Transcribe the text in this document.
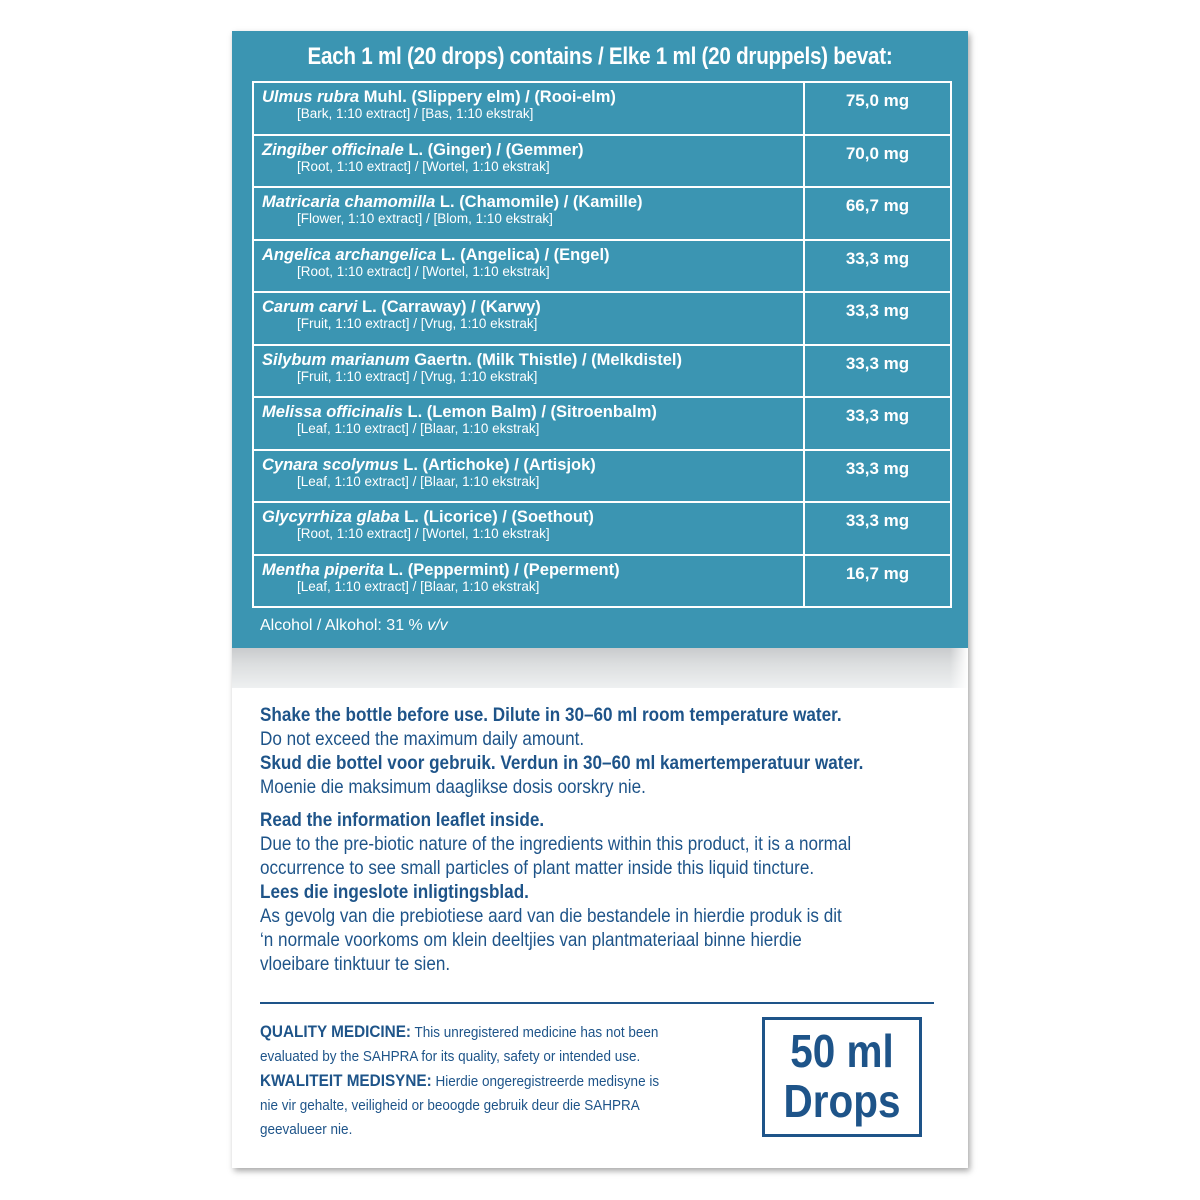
Each 1 ml (20 drops) contains / Elke 1 ml (20 druppels) bevat:
Ulmus rubra Muhl. (Slippery elm) / (Rooi-elm)
[Bark, 1:10 extract] / [Bas, 1:10 ekstrak]	75,0 mg

Zingiber officinale L. (Ginger) / (Gemmer)
[Root, 1:10 extract] / [Wortel, 1:10 ekstrak]	70,0 mg

Matricaria chamomilla L. (Chamomile) / (Kamille)
[Flower, 1:10 extract] / [Blom, 1:10 ekstrak]	66,7 mg

Angelica archangelica L. (Angelica) / (Engel)
[Root, 1:10 extract] / [Wortel, 1:10 ekstrak]	33,3 mg

Carum carvi L. (Carraway) / (Karwy)
[Fruit, 1:10 extract] / [Vrug, 1:10 ekstrak]	33,3 mg

Silybum marianum Gaertn. (Milk Thistle) / (Melkdistel)
[Fruit, 1:10 extract] / [Vrug, 1:10 ekstrak]	33,3 mg

Melissa officinalis L. (Lemon Balm) / (Sitroenbalm)
[Leaf, 1:10 extract] / [Blaar, 1:10 ekstrak]	33,3 mg

Cynara scolymus L. (Artichoke) / (Artisjok)
[Leaf, 1:10 extract] / [Blaar, 1:10 ekstrak]	33,3 mg

Glycyrrhiza glaba L. (Licorice) / (Soethout)
[Root, 1:10 extract] / [Wortel, 1:10 ekstrak]	33,3 mg

Mentha piperita L. (Peppermint) / (Peperment)
[Leaf, 1:10 extract] / [Blaar, 1:10 ekstrak]	16,7 mg
Alcohol / Alkohol: 31 % v/v
Shake the bottle before use. Dilute in 30–60 ml room temperature water.
Do not exceed the maximum daily amount.
Skud die bottel voor gebruik. Verdun in 30–60 ml kamertemperatuur water.
Moenie die maksimum daaglikse dosis oorskry nie.
Read the information leaflet inside.
Due to the pre-biotic nature of the ingredients within this product, it is a normal
occurrence to see small particles of plant matter inside this liquid tincture.
Lees die ingeslote inligtingsblad.
As gevolg van die prebiotiese aard van die bestandele in hierdie produk is dit
‘n normale voorkoms om klein deeltjies van plantmateriaal binne hierdie
vloeibare tinktuur te sien.
QUALITY MEDICINE: This unregistered medicine has not been
evaluated by the SAHPRA for its quality, safety or intended use.
KWALITEIT MEDISYNE: Hierdie ongeregistreerde medisyne is
nie vir gehalte, veiligheid or beoogde gebruik deur die SAHPRA
geevalueer nie.
50 ml
Drops
